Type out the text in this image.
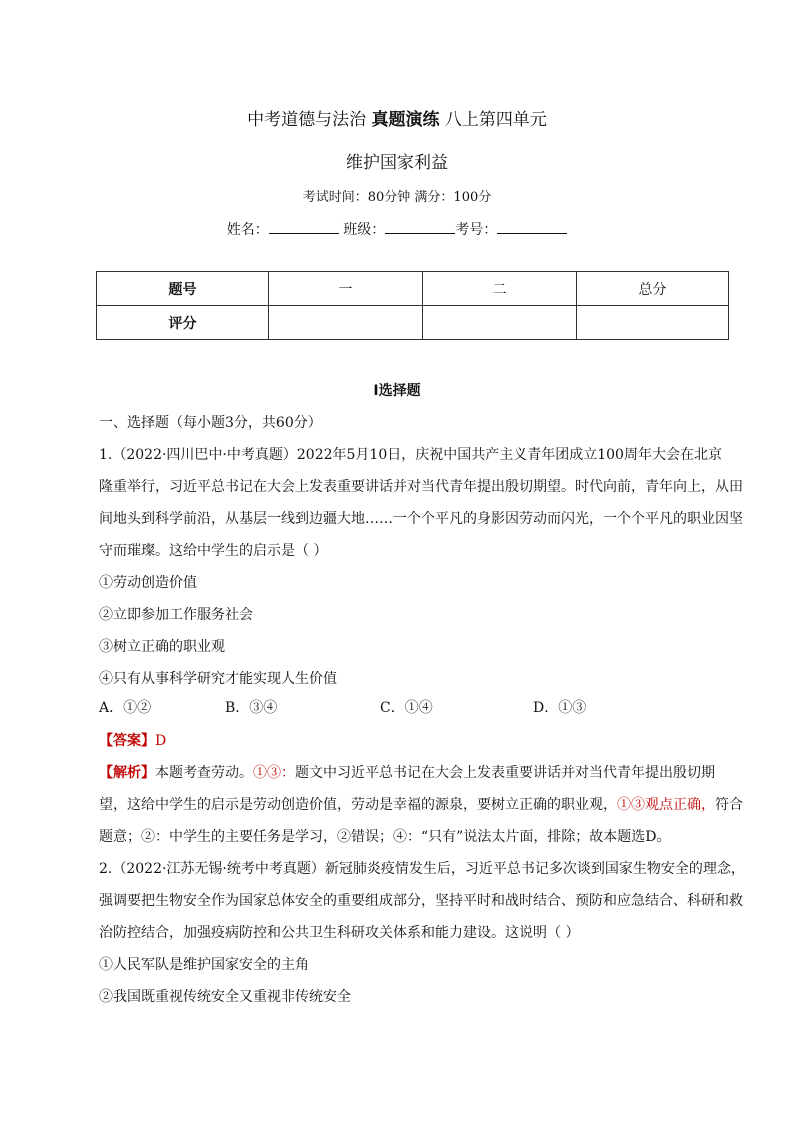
中考道德与法治 真题演练 八上第四单元
维护国家利益
考试时间：80分钟 满分：100分
姓名：	班级：	考号：
题号	一	二	总分
评分			
Ⅰ选择题
一、选择题（每小题3分，共60分）
1.（2022·四川巴中·中考真题）2022年5月10日，庆祝中国共产主义青年团成立100周年大会在北京
隆重举行，习近平总书记在大会上发表重要讲话并对当代青年提出殷切期望。时代向前，青年向上，从田
间地头到科学前沿，从基层一线到边疆大地……一个个平凡的身影因劳动而闪光，一个个平凡的职业因坚
守而璀璨。这给中学生的启示是（ ）
①劳动创造价值
②立即参加工作服务社会
③树立正确的职业观
④只有从事科学研究才能实现人生价值
A．①②	B．③④	C．①④	D．①③
【答案】D
【解析】本题考查劳动。①③：题文中习近平总书记在大会上发表重要讲话并对当代青年提出殷切期
望，这给中学生的启示是劳动创造价值，劳动是幸福的源泉，要树立正确的职业观，①③观点正确，符合
题意；②：中学生的主要任务是学习，②错误；④：“只有”说法太片面，排除；故本题选D。
2.（2022·江苏无锡·统考中考真题）新冠肺炎疫情发生后，习近平总书记多次谈到国家生物安全的理念，
强调要把生物安全作为国家总体安全的重要组成部分，坚持平时和战时结合、预防和应急结合、科研和救
治防控结合，加强疫病防控和公共卫生科研攻关体系和能力建设。这说明（ ）
①人民军队是维护国家安全的主角
②我国既重视传统安全又重视非传统安全
